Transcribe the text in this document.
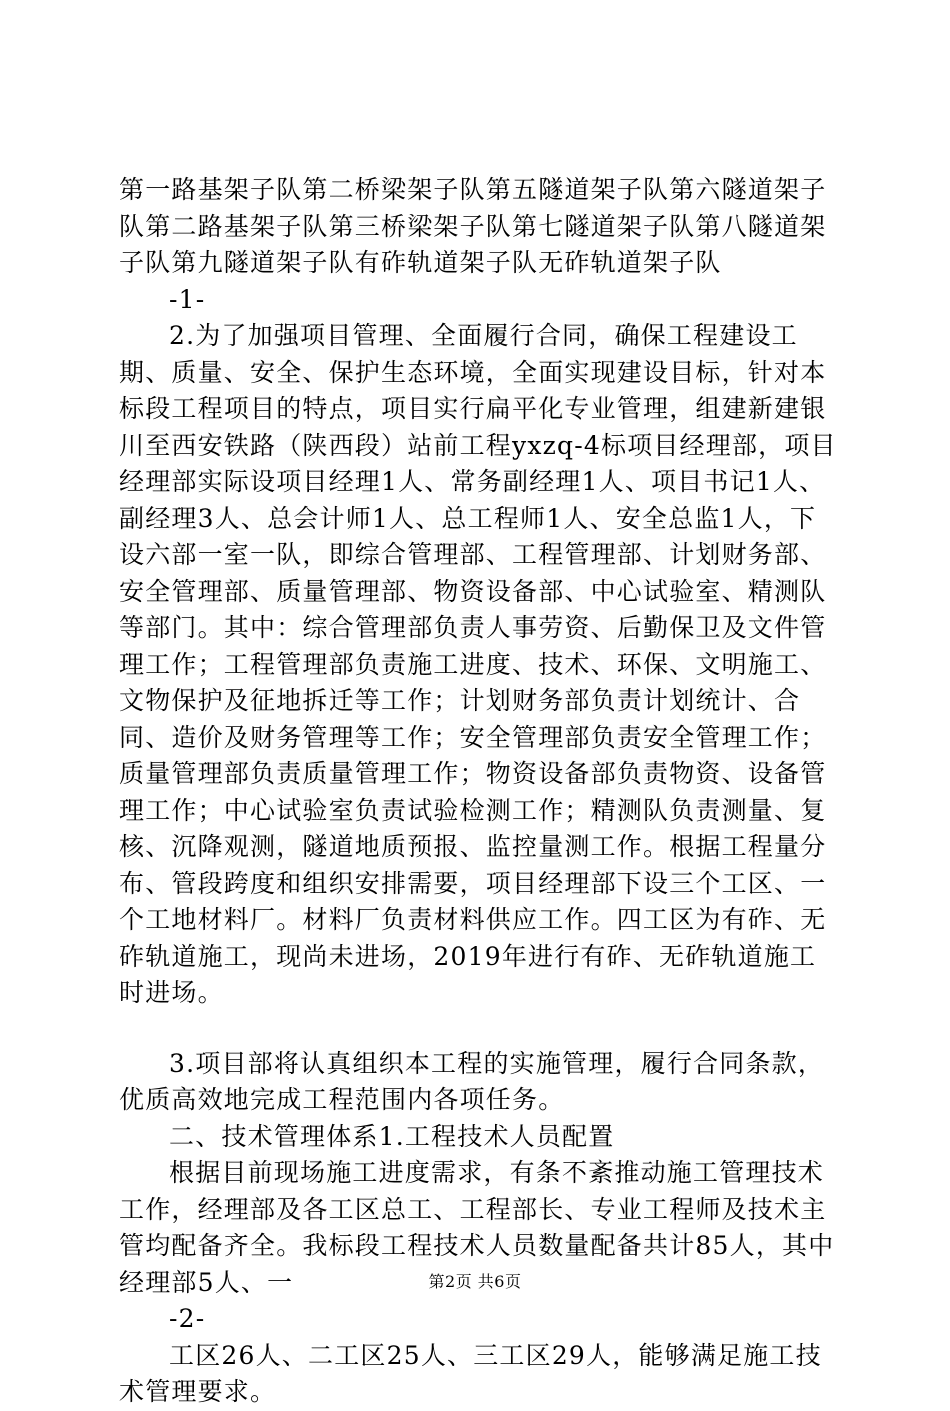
第一路基架子队第二桥梁架子队第五隧道架子队第六隧道架子队第二路基架子队第三桥梁架子队第七隧道架子队第八隧道架子队第九隧道架子队有砟轨道架子队无砟轨道架子队

-1-

2.为了加强项目管理、全面履行合同，确保工程建设工期、质量、安全、保护生态环境，全面实现建设目标，针对本标段工程项目的特点，项目实行扁平化专业管理，组建新建银川至西安铁路（陕西段）站前工程yxzq-4标项目经理部，项目经理部实际设项目经理1人、常务副经理1人、项目书记1人、副经理3人、总会计师1人、总工程师1人、安全总监1人，下设六部一室一队，即综合管理部、工程管理部、计划财务部、安全管理部、质量管理部、物资设备部、中心试验室、精测队等部门。其中：综合管理部负责人事劳资、后勤保卫及文件管理工作；工程管理部负责施工进度、技术、环保、文明施工、文物保护及征地拆迁等工作；计划财务部负责计划统计、合同、造价及财务管理等工作；安全管理部负责安全管理工作；质量管理部负责质量管理工作；物资设备部负责物资、设备管理工作；中心试验室负责试验检测工作；精测队负责测量、复核、沉降观测，隧道地质预报、监控量测工作。根据工程量分布、管段跨度和组织安排需要，项目经理部下设三个工区、一个工地材料厂。材料厂负责材料供应工作。四工区为有砟、无砟轨道施工，现尚未进场，2019年进行有砟、无砟轨道施工时进场。

3.项目部将认真组织本工程的实施管理，履行合同条款，优质高效地完成工程范围内各项任务。

二、技术管理体系1.工程技术人员配置

根据目前现场施工进度需求，有条不紊推动施工管理技术工作，经理部及各工区总工、工程部长、专业工程师及技术主管均配备齐全。我标段工程技术人员数量配备共计85人，其中经理部5人、一

-2-

工区26人、二工区25人、三工区29人，能够满足施工技术管理要求。

第2页 共6页
